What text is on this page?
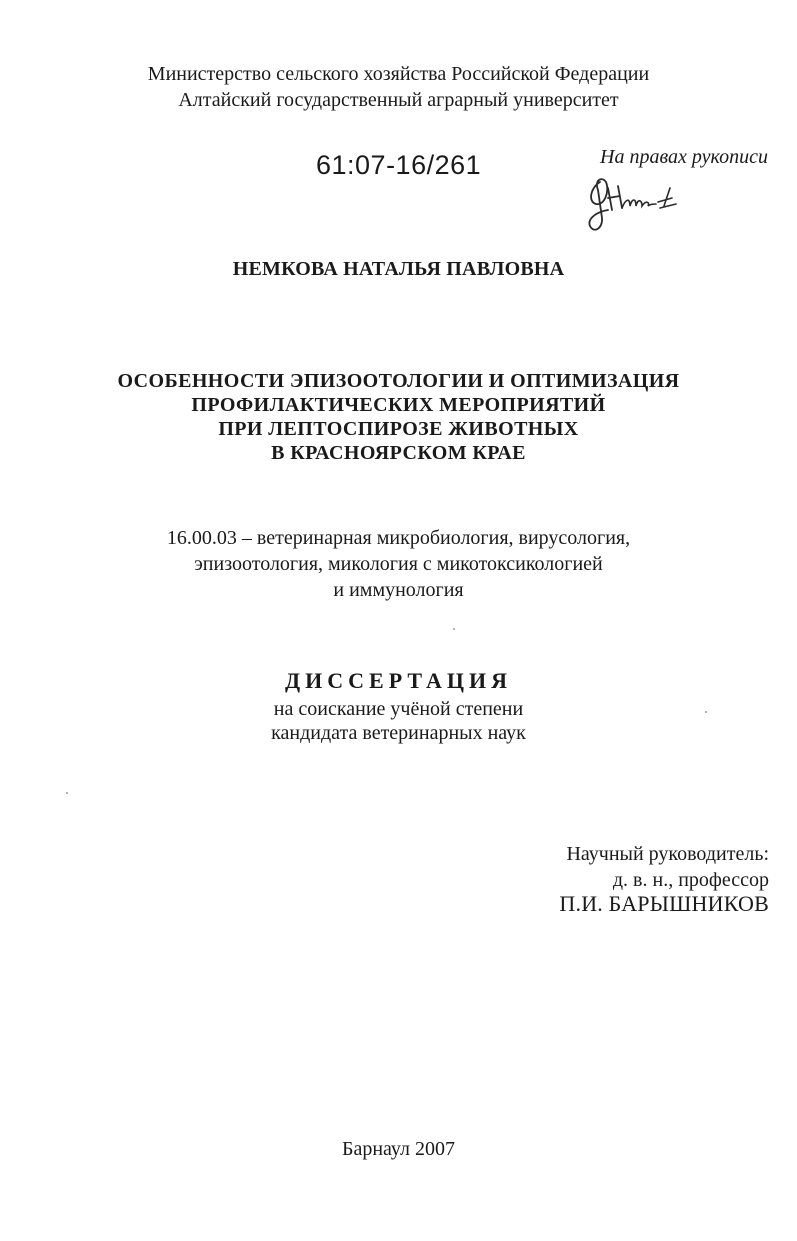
Министерство сельского хозяйства Российской Федерации
Алтайский государственный аграрный университет
61:07-16/261	На правах рукописи
НЕМКОВА НАТАЛЬЯ ПАВЛОВНА
ОСОБЕННОСТИ ЭПИЗООТОЛОГИИ И ОПТИМИЗАЦИЯ
ПРОФИЛАКТИЧЕСКИХ МЕРОПРИЯТИЙ
ПРИ ЛЕПТОСПИРОЗЕ ЖИВОТНЫХ
В КРАСНОЯРСКОМ КРАЕ
16.00.03 – ветеринарная микробиология, вирусология,
эпизоотология, микология с микотоксикологией
и иммунология
ДИССЕРТАЦИЯ
на соискание учёной степени
кандидата ветеринарных наук
Научный руководитель:
д. в. н., профессор
П.И. БАРЫШНИКОВ
Барнаул 2007
